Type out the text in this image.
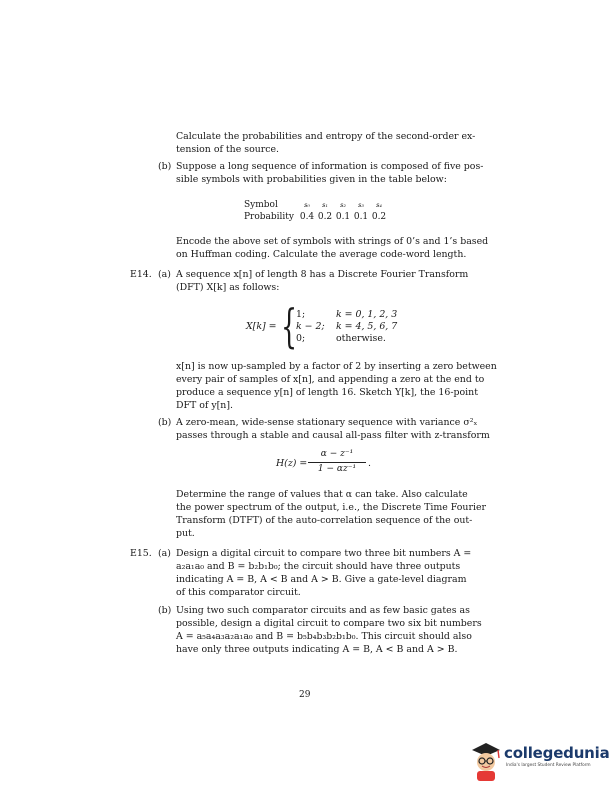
Calculate the probabilities and entropy of the second-order ex-
tension of the source.
(b) Suppose a long sequence of information is composed of five pos-
sible symbols with probabilities given in the table below:
Symbol	s₀	s₁	s₂	s₃	s₄
Probability	0.4	0.2	0.1	0.1	0.2
Encode the above set of symbols with strings of 0’s and 1’s based
on Huffman coding. Calculate the average code-word length.
E14. (a) A sequence x[n] of length 8 has a Discrete Fourier Transform
(DFT) X[k] as follows:
X[k] = {
1;	k = 0, 1, 2, 3
k − 2; k = 4, 5, 6, 7
0;	otherwise.
x[n] is now up-sampled by a factor of 2 by inserting a zero between
every pair of samples of x[n], and appending a zero at the end to
produce a sequence y[n] of length 16. Sketch Y[k], the 16-point
DFT of y[n].
(b) A zero-mean, wide-sense stationary sequence with variance σ²ₓ
passes through a stable and causal all-pass filter with z-transform
H(z) =
α − z⁻¹
1 − αz⁻¹	.
Determine the range of values that α can take. Also calculate
the power spectrum of the output, i.e., the Discrete Time Fourier
Transform (DTFT) of the auto-correlation sequence of the out-
put.
E15. (a) Design a digital circuit to compare two three bit numbers A =
a₂a₁a₀ and B = b₂b₁b₀; the circuit should have three outputs
indicating A = B, A < B and A > B. Give a gate-level diagram
of this comparator circuit.
(b) Using two such comparator circuits and as few basic gates as
possible, design a digital circuit to compare two six bit numbers
A = a₅a₄a₃a₂a₁a₀ and B = b₅b₄b₃b₂b₁b₀. This circuit should also
have only three outputs indicating A = B, A < B and A > B.
29
collegedunia
India's largest Student Review Platform
